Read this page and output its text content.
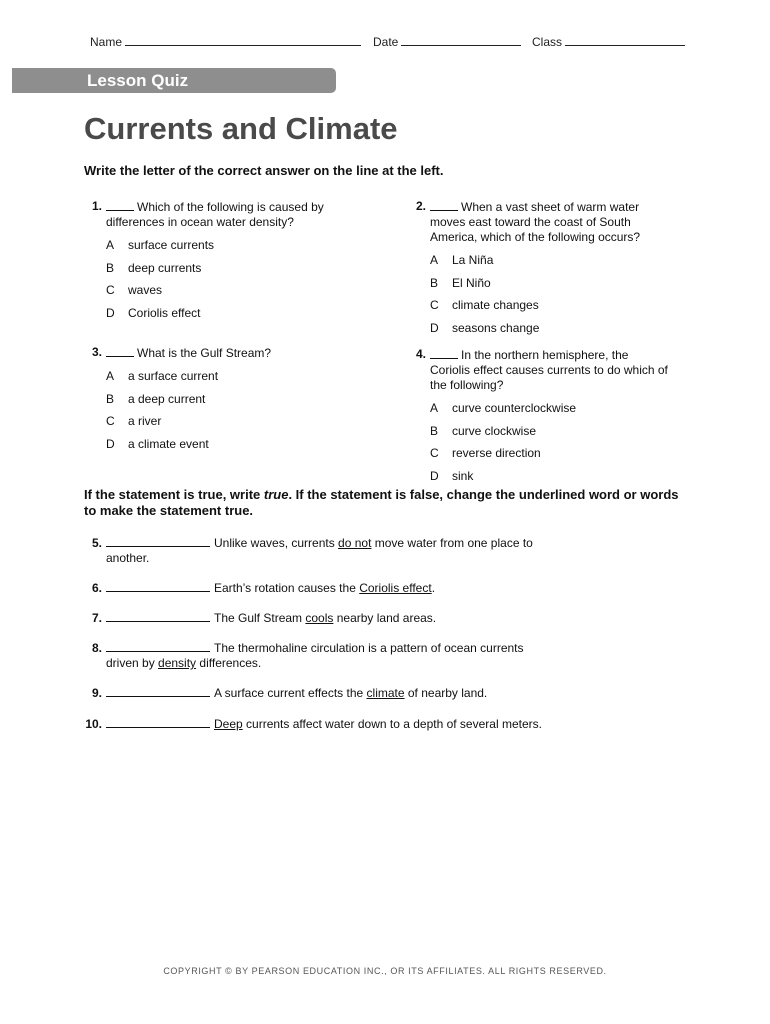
Name	Date	Class
Lesson Quiz
Currents and Climate
Write the letter of the correct answer on the line at the left.
1.	Which of the following is caused by differences in ocean water density?
A	surface currents
B	deep currents
C	waves
D	Coriolis effect
2.	When a vast sheet of warm water moves east toward the coast of South America, which of the following occurs?
A	La Niña
B	El Niño
C	climate changes
D	seasons change
3.	What is the Gulf Stream?
A	a surface current
B	a deep current
C	a river
D	a climate event
4.	In the northern hemisphere, the Coriolis effect causes currents to do which of the following?
A	curve counterclockwise
B	curve clockwise
C	reverse direction
D	sink
If the statement is true, write true. If the statement is false, change the underlined word or words to make the statement true.
5.	Unlike waves, currents do not move water from one place to
another.
6.	Earth’s rotation causes the Coriolis effect.
7.	The Gulf Stream cools nearby land areas.
8.	The thermohaline circulation is a pattern of ocean currents
driven by density differences.
9.	A surface current effects the climate of nearby land.
10.	Deep currents affect water down to a depth of several meters.
COPYRIGHT © BY PEARSON EDUCATION INC., OR ITS AFFILIATES. ALL RIGHTS RESERVED.
